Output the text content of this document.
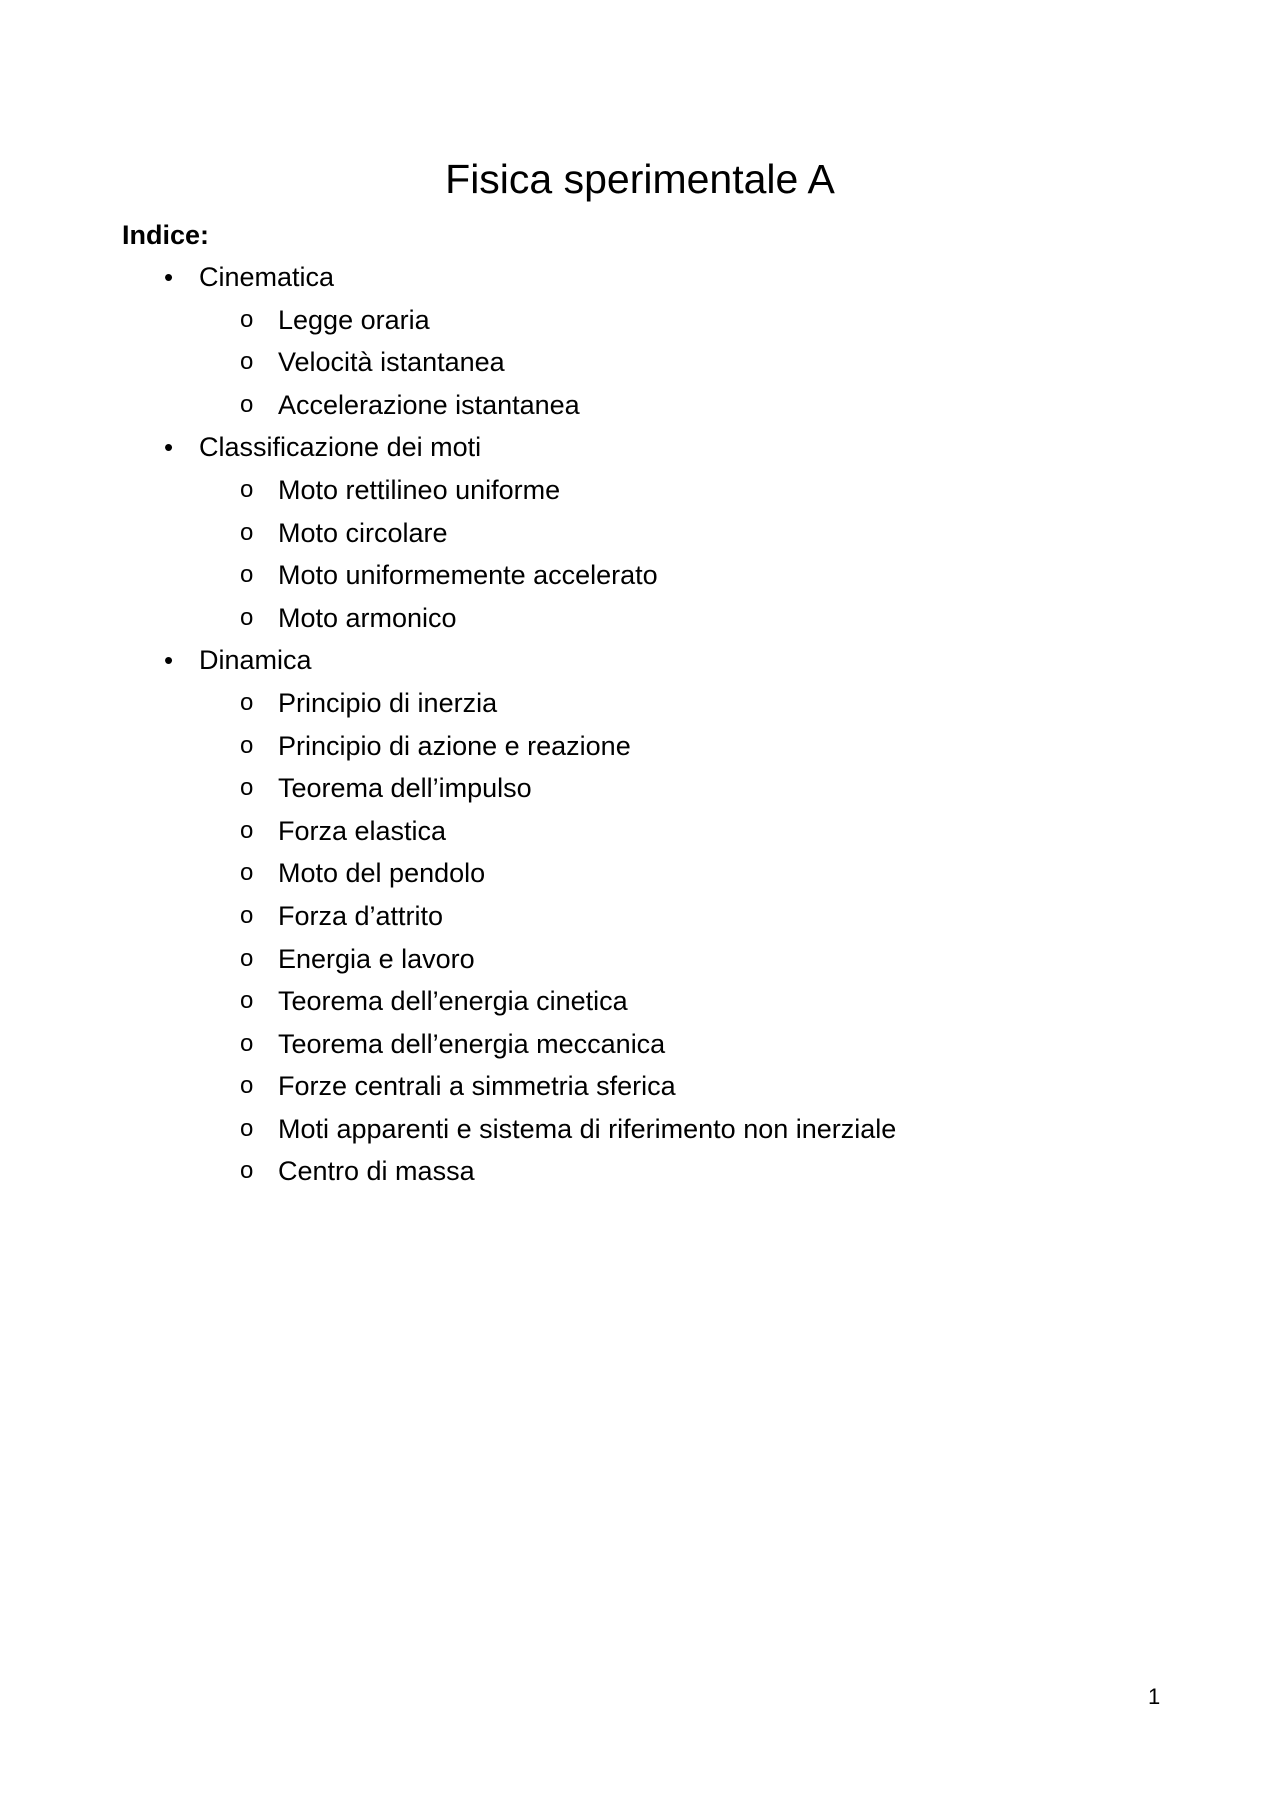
Fisica sperimentale A
Indice:
• Cinematica
o Legge oraria
o Velocità istantanea
o Accelerazione istantanea
• Classificazione dei moti
o Moto rettilineo uniforme
o Moto circolare
o Moto uniformemente accelerato
o Moto armonico
• Dinamica
o Principio di inerzia
o Principio di azione e reazione
o Teorema dell’impulso
o Forza elastica
o Moto del pendolo
o Forza d’attrito
o Energia e lavoro
o Teorema dell’energia cinetica
o Teorema dell’energia meccanica
o Forze centrali a simmetria sferica
o Moti apparenti e sistema di riferimento non inerziale
o Centro di massa
1
